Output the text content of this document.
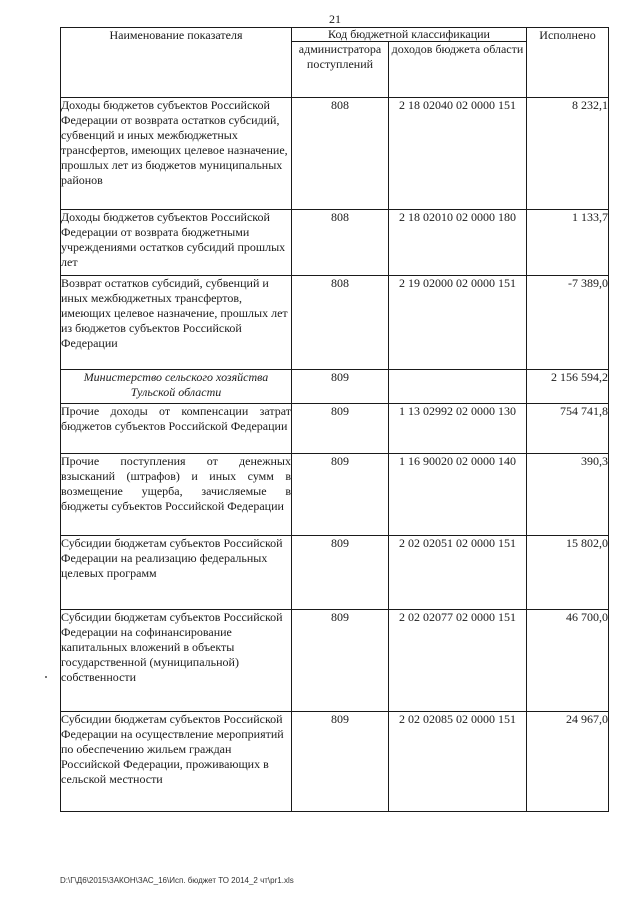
21
Наименование показателя	Код бюджетной классификации		Исполнено
	администратора поступлений	доходов бюджета области	
Доходы бюджетов субъектов Российской Федерации от возврата остатков субсидий, субвенций и иных межбюджетных трансфертов, имеющих целевое назначение, прошлых лет из бюджетов муниципальных районов	808	2 18 02040 02 0000 151	8 232,1
Доходы бюджетов субъектов Российской Федерации от возврата бюджетными учреждениями остатков субсидий прошлых лет	808	2 18 02010 02 0000 180	1 133,7
Возврат остатков субсидий, субвенций и иных межбюджетных трансфертов, имеющих целевое назначение, прошлых лет из бюджетов субъектов Российской Федерации	808	2 19 02000 02 0000 151	-7 389,0
Министерство сельского хозяйства Тульской области	809		2 156 594,2
Прочие доходы от компенсации затрат бюджетов субъектов Российской Федерации	809	1 13 02992 02 0000 130	754 741,8
Прочие поступления от денежных взысканий (штрафов) и иных сумм в возмещение ущерба, зачисляемые в бюджеты субъектов Российской Федерации	809	1 16 90020 02 0000 140	390,3
Субсидии бюджетам субъектов Российской Федерации на реализацию федеральных целевых программ	809	2 02 02051 02 0000 151	15 802,0
Субсидии бюджетам субъектов Российской Федерации на софинансирование капитальных вложений в объекты государственной (муниципальной) собственности	809	2 02 02077 02 0000 151	46 700,0
Субсидии бюджетам субъектов Российской Федерации на осуществление мероприятий по обеспечению жильем граждан Российской Федерации, проживающих в сельской местности	809	2 02 02085 02 0000 151	24 967,0
D:\Г\Д6\2015\ЗАКОН\ЗАС_16\Исп. бюджет ТО 2014_2 чт\pr1.xls
